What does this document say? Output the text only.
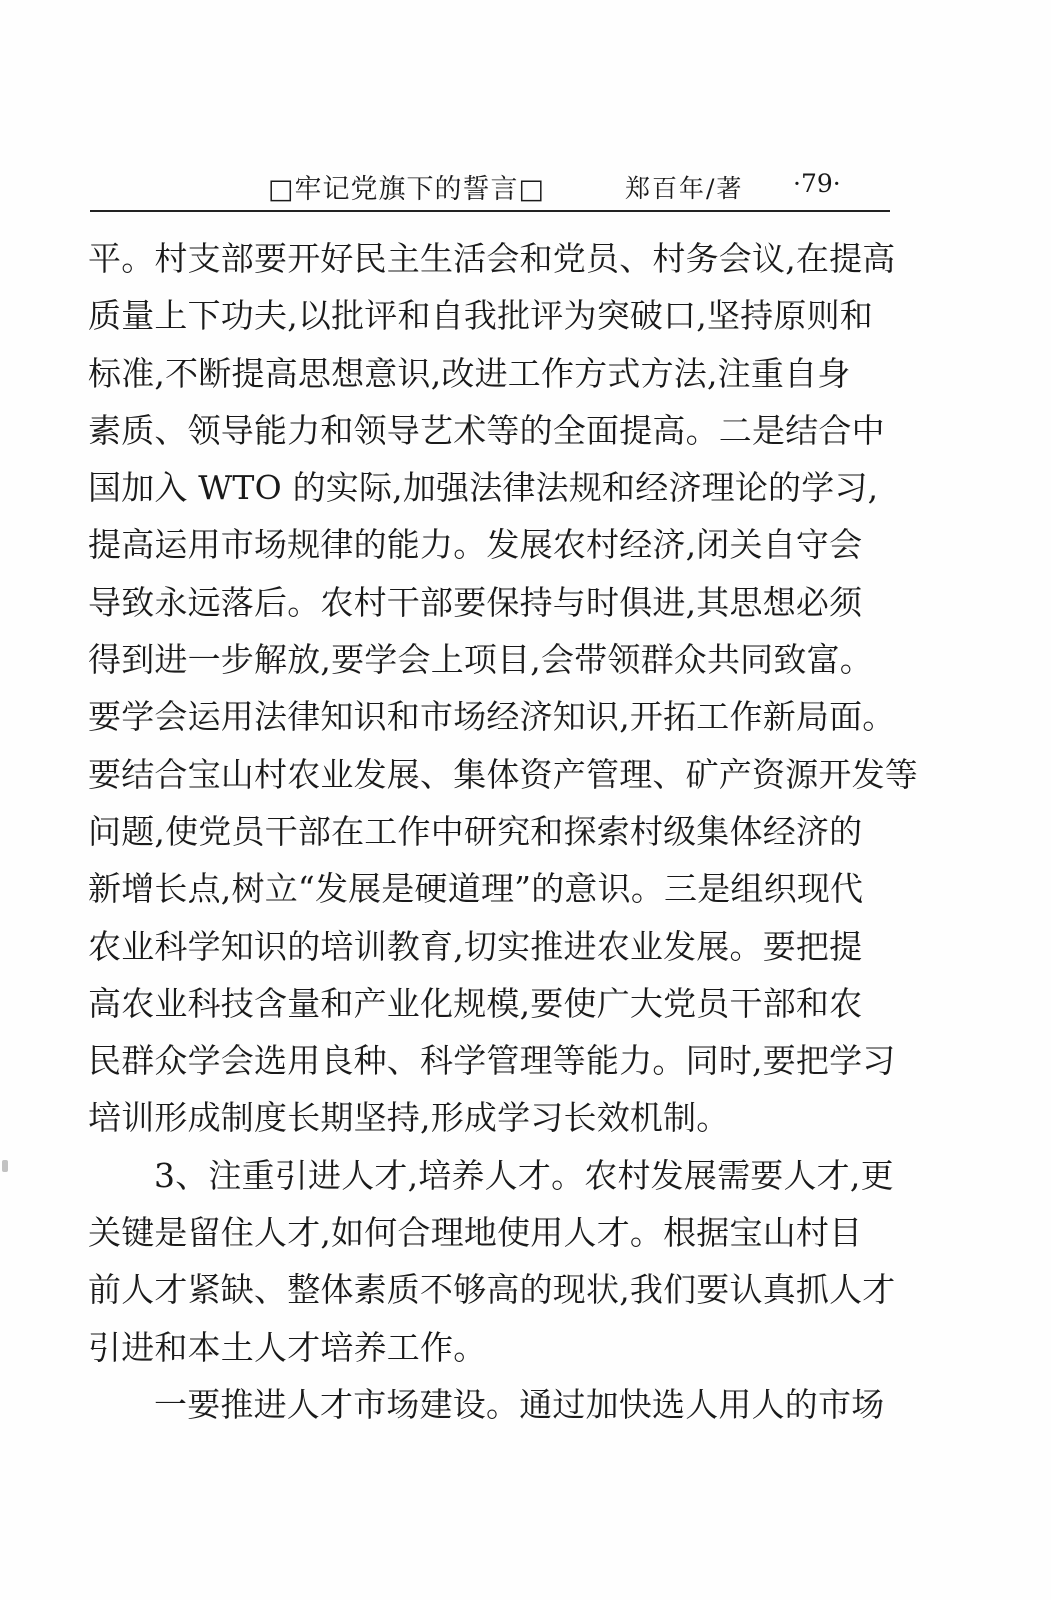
□牢记党旗下的誓言□	郑百年/著 ·79·
平。村支部要开好民主生活会和党员、村务会议,在提高
质量上下功夫,以批评和自我批评为突破口,坚持原则和
标准,不断提高思想意识,改进工作方式方法,注重自身
素质、领导能力和领导艺术等的全面提高。二是结合中
国加入 WTO 的实际,加强法律法规和经济理论的学习,
提高运用市场规律的能力。发展农村经济,闭关自守会
导致永远落后。农村干部要保持与时俱进,其思想必须
得到进一步解放,要学会上项目,会带领群众共同致富。
要学会运用法律知识和市场经济知识,开拓工作新局面。
要结合宝山村农业发展、集体资产管理、矿产资源开发等
问题,使党员干部在工作中研究和探索村级集体经济的
新增长点,树立“发展是硬道理”的意识。三是组织现代
农业科学知识的培训教育,切实推进农业发展。要把提
高农业科技含量和产业化规模,要使广大党员干部和农
民群众学会选用良种、科学管理等能力。同时,要把学习
培训形成制度长期坚持,形成学习长效机制。
3、注重引进人才,培养人才。农村发展需要人才,更
关键是留住人才,如何合理地使用人才。根据宝山村目
前人才紧缺、整体素质不够高的现状,我们要认真抓人才
引进和本土人才培养工作。
一要推进人才市场建设。通过加快选人用人的市场
